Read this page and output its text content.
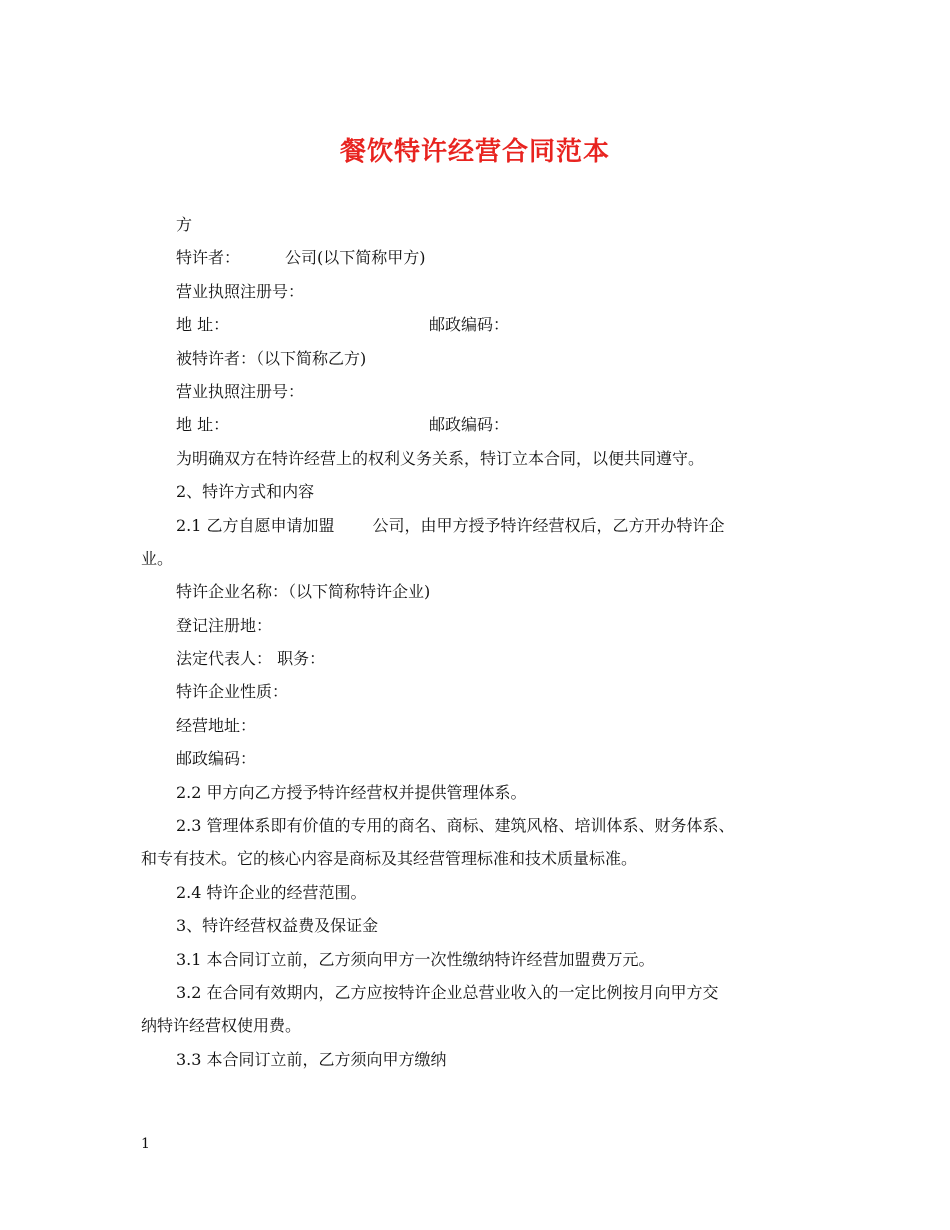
餐饮特许经营合同范本
方
特许者：	公司(以下简称甲方)
营业执照注册号：
地 址：	邮政编码：
被特许者：（以下简称乙方)
营业执照注册号：
地 址：	邮政编码：
为明确双方在特许经营上的权利义务关系，特订立本合同，以便共同遵守。
2、特许方式和内容
2.1 乙方自愿申请加盟 公司，由甲方授予特许经营权后，乙方开办特许企
业。
特许企业名称：（以下简称特许企业)
登记注册地：
法定代表人： 职务：
特许企业性质：
经营地址：
邮政编码：
2.2 甲方向乙方授予特许经营权并提供管理体系。
2.3 管理体系即有价值的专用的商名、商标、建筑风格、培训体系、财务体系、
和专有技术。它的核心内容是商标及其经营管理标准和技术质量标准。
2.4 特许企业的经营范围。
3、特许经营权益费及保证金
3.1 本合同订立前，乙方须向甲方一次性缴纳特许经营加盟费万元。
3.2 在合同有效期内，乙方应按特许企业总营业收入的一定比例按月向甲方交
纳特许经营权使用费。
3.3 本合同订立前，乙方须向甲方缴纳
1
